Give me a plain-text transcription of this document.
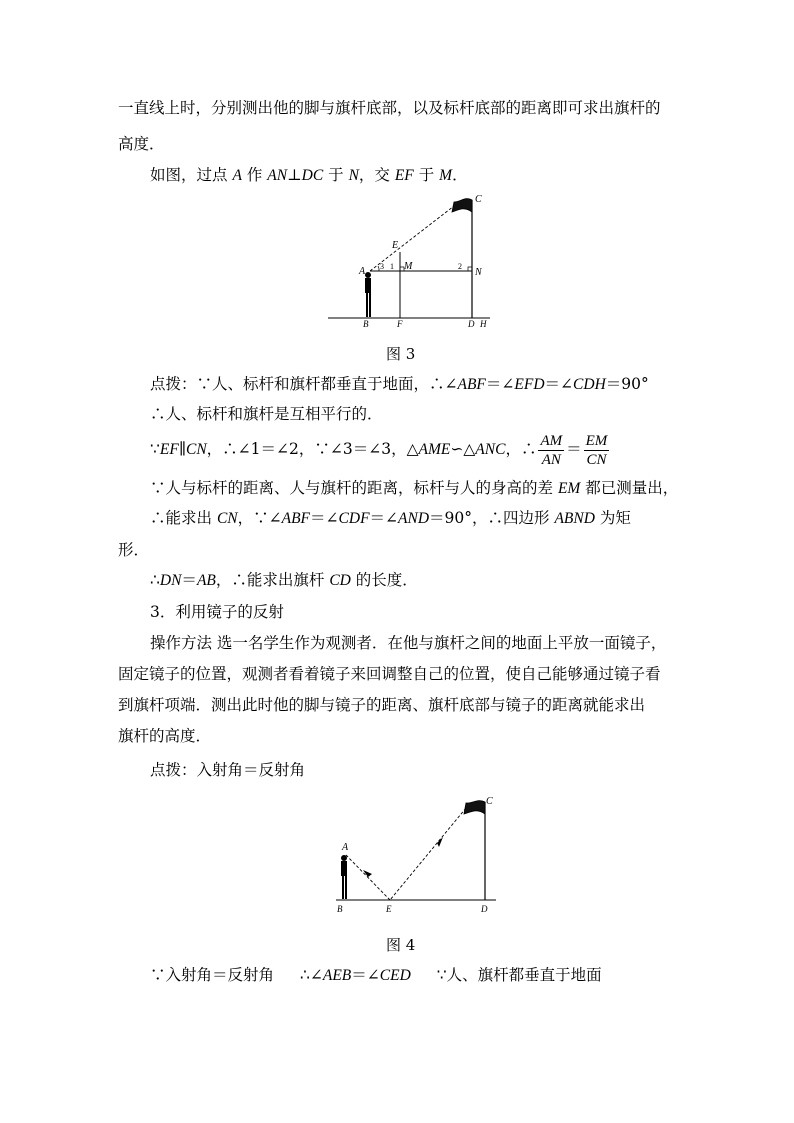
一直线上时，分别测出他的脚与旗杆底部，以及标杆底部的距离即可求出旗杆的
高度．
如图，过点 A 作 AN⊥DC 于 N，交 EF 于 M．
C
E
A 3 1 M	2
N
B	F	D H
图 3
点拨：∵人、标杆和旗杆都垂直于地面，∴∠ABF＝∠EFD＝∠CDH＝90°
∴人、标杆和旗杆是互相平行的．
∵EF∥CN，∴∠1＝∠2，∵∠3＝∠3，△AME∽△ANC，∴ $\frac{AM}{AN} = \frac{EM}{CN}$
∵人与标杆的距离、人与旗杆的距离，标杆与人的身高的差 EM 都已测量出，
∴能求出 CN，∵∠ABF＝∠CDF＝∠AND＝90°，∴四边形 ABND 为矩
形．
∴DN＝AB，∴能求出旗杆 CD 的长度．
3．利用镜子的反射
操作方法 选一名学生作为观测者．在他与旗杆之间的地面上平放一面镜子，
固定镜子的位置，观测者看着镜子来回调整自己的位置，使自己能够通过镜子看
到旗杆项端．测出此时他的脚与镜子的距离、旗杆底部与镜子的距离就能求出
旗杆的高度．
点拨：入射角＝反射角
A
C
B	E	D
图 4
∵入射角＝反射角 ∴∠AEB＝∠CED ∵人、旗杆都垂直于地面
